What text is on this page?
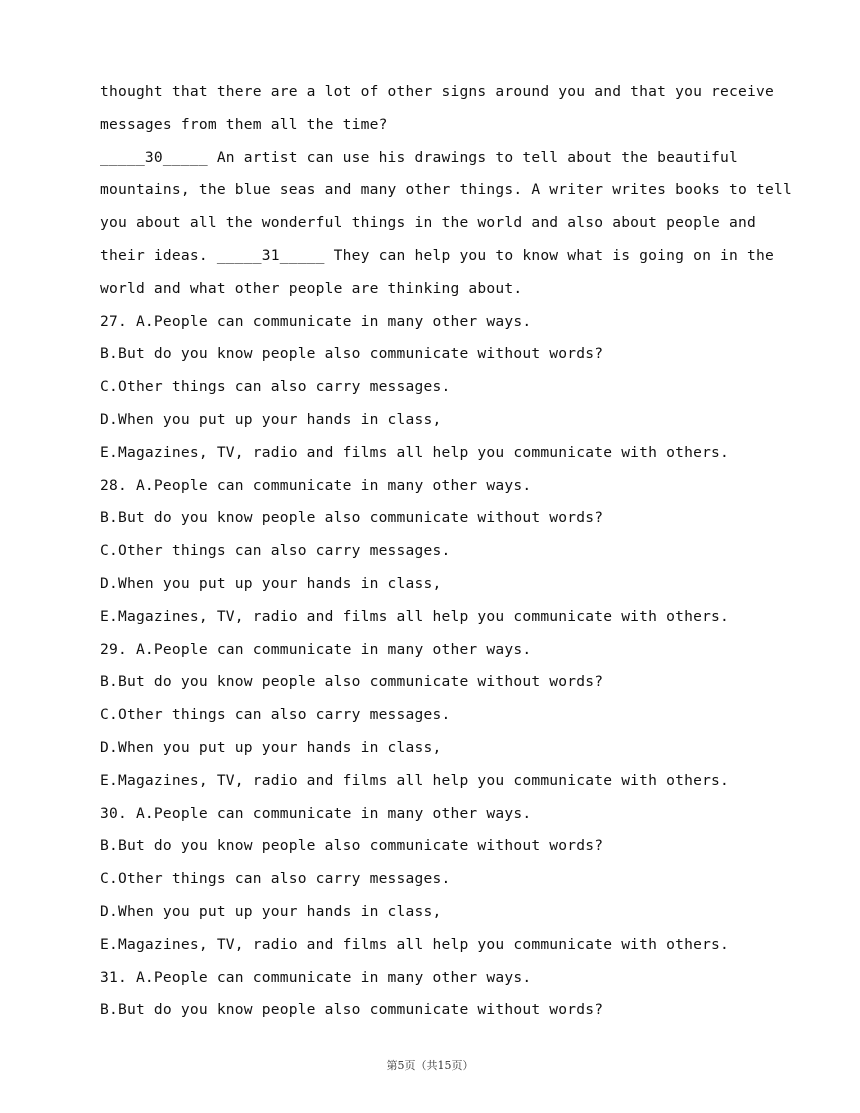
thought that there are a lot of other signs around you and that you receive
messages from them all the time?
_____30_____ An artist can use his drawings to tell about the beautiful
mountains, the blue seas and many other things. A writer writes books to tell
you about all the wonderful things in the world and also about people and
their ideas. _____31_____ They can help you to know what is going on in the
world and what other people are thinking about.
27. A.People can communicate in many other ways.
B.But do you know people also communicate without words?
C.Other things can also carry messages.
D.When you put up your hands in class,
E.Magazines, TV, radio and films all help you communicate with others.
28. A.People can communicate in many other ways.
B.But do you know people also communicate without words?
C.Other things can also carry messages.
D.When you put up your hands in class,
E.Magazines, TV, radio and films all help you communicate with others.
29. A.People can communicate in many other ways.
B.But do you know people also communicate without words?
C.Other things can also carry messages.
D.When you put up your hands in class,
E.Magazines, TV, radio and films all help you communicate with others.
30. A.People can communicate in many other ways.
B.But do you know people also communicate without words?
C.Other things can also carry messages.
D.When you put up your hands in class,
E.Magazines, TV, radio and films all help you communicate with others.
31. A.People can communicate in many other ways.
B.But do you know people also communicate without words?
第5页（共15页）
